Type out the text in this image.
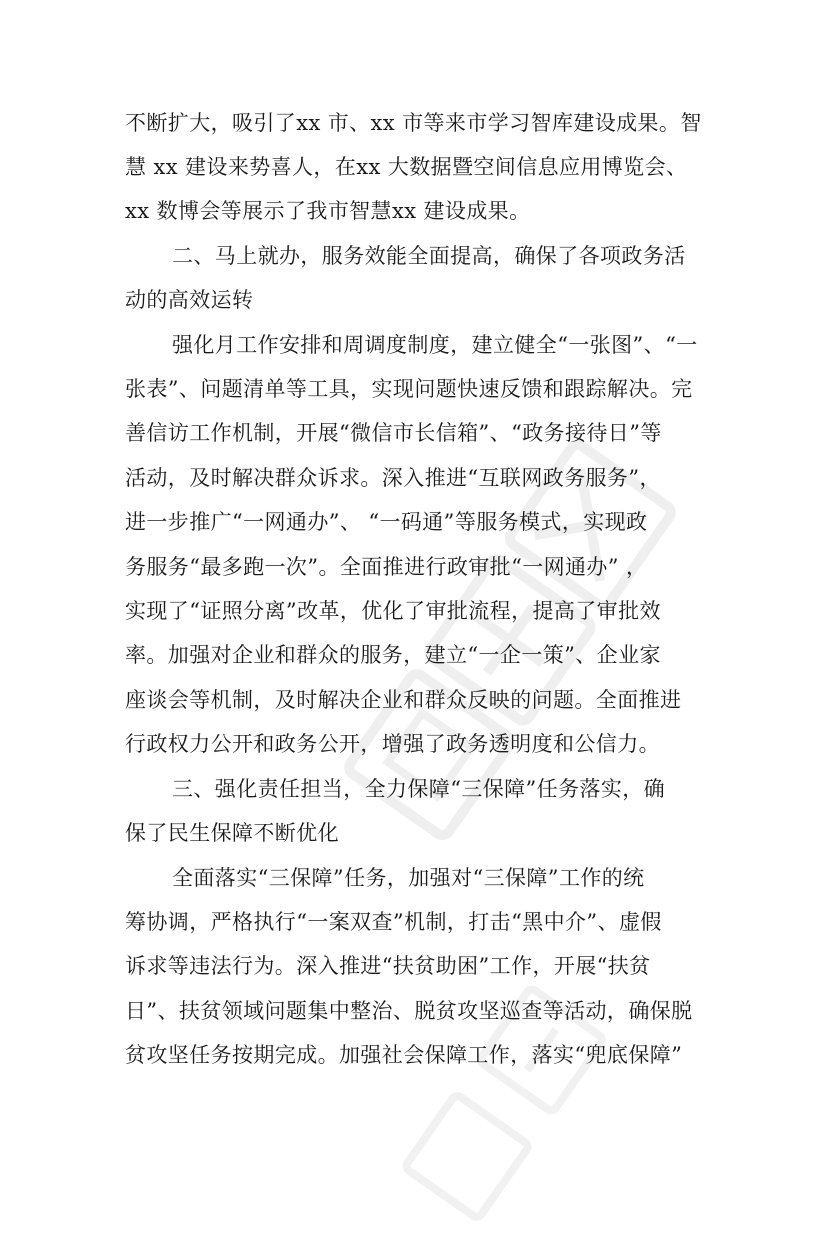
不断扩大，吸引了xx 市、xx 市等来市学习智库建设成果。智
慧 xx 建设来势喜人，在xx 大数据暨空间信息应用博览会、
xx 数博会等展示了我市智慧xx 建设成果。
二、马上就办，服务效能全面提高，确保了各项政务活
动的高效运转
强化月工作安排和周调度制度，建立健全“一张图”、“一
张表”、问题清单等工具，实现问题快速反馈和跟踪解决。完
善信访工作机制，开展“微信市长信箱”、“政务接待日”等
活动，及时解决群众诉求。深入推进“互联网政务服务”，
进一步推广“一网通办”、 “一码通”等服务模式，实现政
务服务“最多跑一次”。全面推进行政审批“一网通办” ，
实现了“证照分离”改革，优化了审批流程，提高了审批效
率。加强对企业和群众的服务，建立“一企一策”、企业家
座谈会等机制，及时解决企业和群众反映的问题。全面推进
行政权力公开和政务公开，增强了政务透明度和公信力。
三、强化责任担当，全力保障“三保障”任务落实，确
保了民生保障不断优化
全面落实“三保障”任务，加强对“三保障”工作的统
筹协调，严格执行“一案双查”机制，打击“黑中介”、虚假
诉求等违法行为。深入推进“扶贫助困”工作，开展“扶贫
日”、扶贫领域问题集中整治、脱贫攻坚巡查等活动，确保脱
贫攻坚任务按期完成。加强社会保障工作，落实“兜底保障”
